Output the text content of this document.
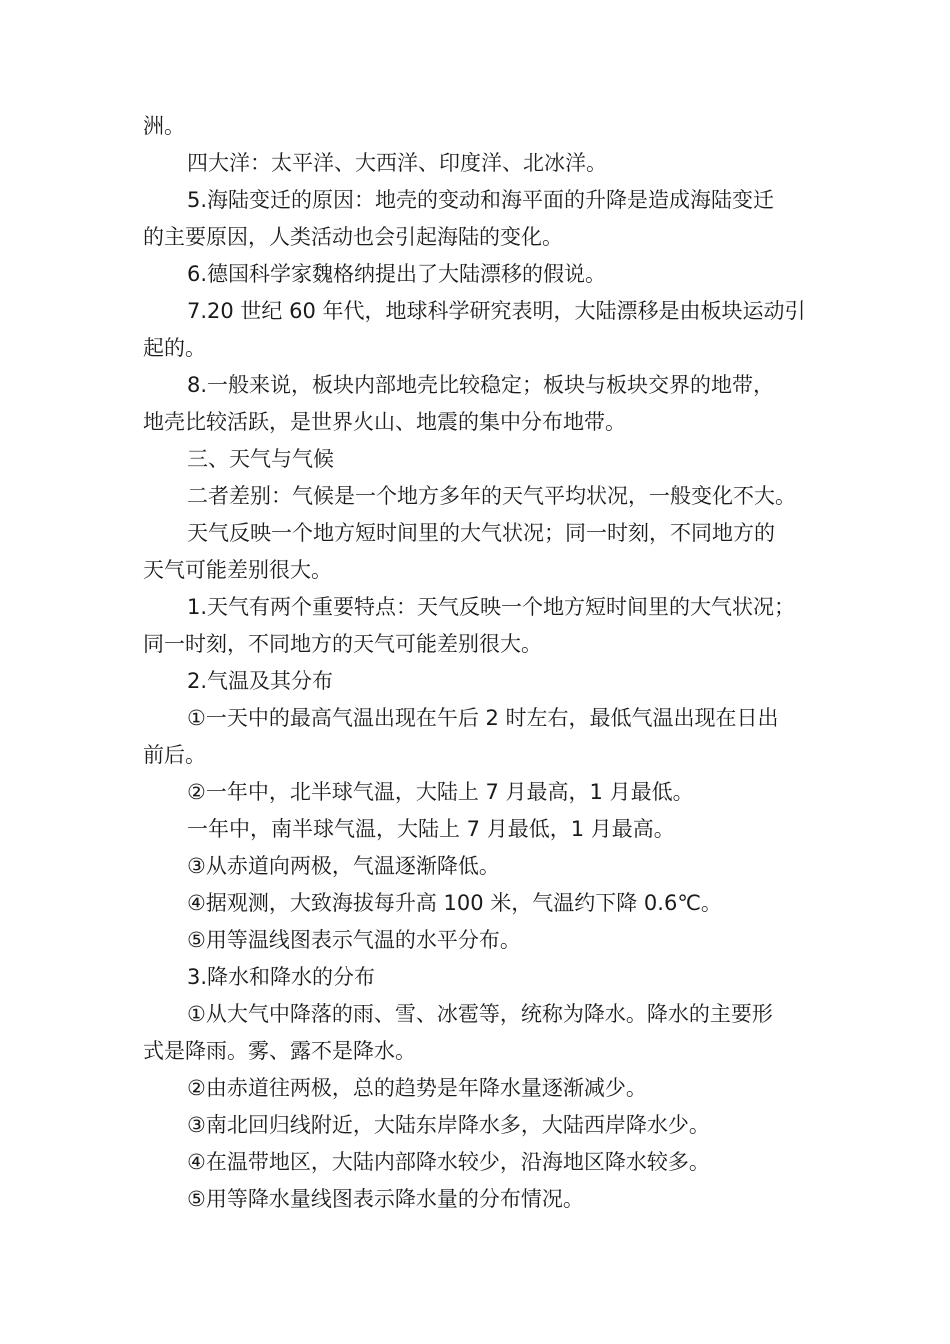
洲。
四大洋：太平洋、大西洋、印度洋、北冰洋。
5.海陆变迁的原因：地壳的变动和海平面的升降是造成海陆变迁
的主要原因，人类活动也会引起海陆的变化。
6.德国科学家魏格纳提出了大陆漂移的假说。
7.20 世纪 60 年代，地球科学研究表明，大陆漂移是由板块运动引
起的。
8.一般来说，板块内部地壳比较稳定；板块与板块交界的地带，
地壳比较活跃，是世界火山、地震的集中分布地带。
三、天气与气候
二者差别：气候是一个地方多年的天气平均状况，一般变化不大。
天气反映一个地方短时间里的大气状况；同一时刻，不同地方的
天气可能差别很大。
1.天气有两个重要特点：天气反映一个地方短时间里的大气状况；
同一时刻，不同地方的天气可能差别很大。
2.气温及其分布
①一天中的最高气温出现在午后 2 时左右，最低气温出现在日出
前后。
②一年中，北半球气温，大陆上 7 月最高，1 月最低。
一年中，南半球气温，大陆上 7 月最低，1 月最高。
③从赤道向两极，气温逐渐降低。
④据观测，大致海拔每升高 100 米，气温约下降 0.6℃。
⑤用等温线图表示气温的水平分布。
3.降水和降水的分布
①从大气中降落的雨、雪、冰雹等，统称为降水。降水的主要形
式是降雨。雾、露不是降水。
②由赤道往两极，总的趋势是年降水量逐渐减少。
③南北回归线附近，大陆东岸降水多，大陆西岸降水少。
④在温带地区，大陆内部降水较少，沿海地区降水较多。
⑤用等降水量线图表示降水量的分布情况。
